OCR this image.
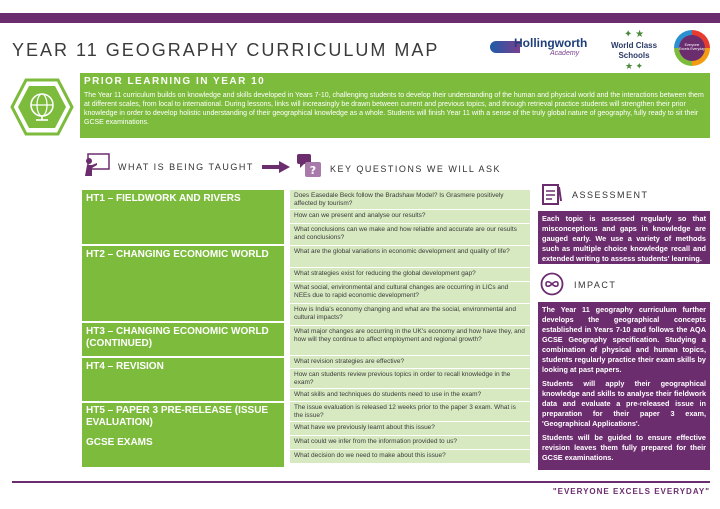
YEAR 11 GEOGRAPHY CURRICULUM MAP	Hollingworth
Academy
✦ ★
World Class Schools
★ ✦
Everyone Excels Everyday
PRIOR LEARNING IN YEAR 10
The Year 11 curriculum builds on knowledge and skills developed in Years 7-10, challenging students to develop their understanding of the human and physical world and the interactions between them at different scales, from local to international. During lessons, links will increasingly be drawn between current and previous topics, and through retrieval practice students will strengthen their prior knowledge in order to develop holistic understanding of their geographical knowledge as a whole. Students will finish Year 11 with a sense of the truly global nature of geography, fully ready to sit their GCSE examinations.
WHAT IS BEING TAUGHT	? KEY QUESTIONS WE WILL ASK
HT1 – FIELDWORK AND RIVERS
HT2 – CHANGING ECONOMIC WORLD
HT3 – CHANGING ECONOMIC WORLD (CONTINUED)
HT4 – REVISION
HT5 – PAPER 3 PRE-RELEASE (ISSUE EVALUATION)
GCSE EXAMS
Does Easedale Beck follow the Bradshaw Model? Is Grasmere positively affected by tourism?
How can we present and analyse our results?
What conclusions can we make and how reliable and accurate are our results and conclusions?
What are the global variations in economic development and quality of life?
What strategies exist for reducing the global development gap?
What social, environmental and cultural changes are occurring in LICs and NEEs due to rapid economic development?
How is India's economy changing and what are the social, environmental and cultural impacts?
What major changes are occurring in the UK's economy and how have they, and how will they continue to affect employment and regional growth?
What revision strategies are effective?
How can students review previous topics in order to recall knowledge in the exam?
What skills and techniques do students need to use in the exam?
The issue evaluation is released 12 weeks prior to the paper 3 exam. What is the issue?
What have we previously learnt about this issue?
What could we infer from the information provided to us?
What decision do we need to make about this issue?
ASSESSMENT

Each topic is assessed regularly so that misconceptions and gaps in knowledge are gauged early. We use a variety of methods such as multiple choice knowledge recall and extended writing to assess students' learning.

IMPACT

The Year 11 geography curriculum further develops the geographical concepts established in Years 7-10 and follows the AQA GCSE Geography specification. Studying a combination of physical and human topics, students regularly practice their exam skills by looking at past papers.

Students will apply their geographical knowledge and skills to analyse their fieldwork data and evaluate a pre-released issue in preparation for their paper 3 exam, 'Geographical Applications'.

Students will be guided to ensure effective revision leaves them fully prepared for their GCSE examinations.

"EVERYONE EXCELS EVERYDAY"
